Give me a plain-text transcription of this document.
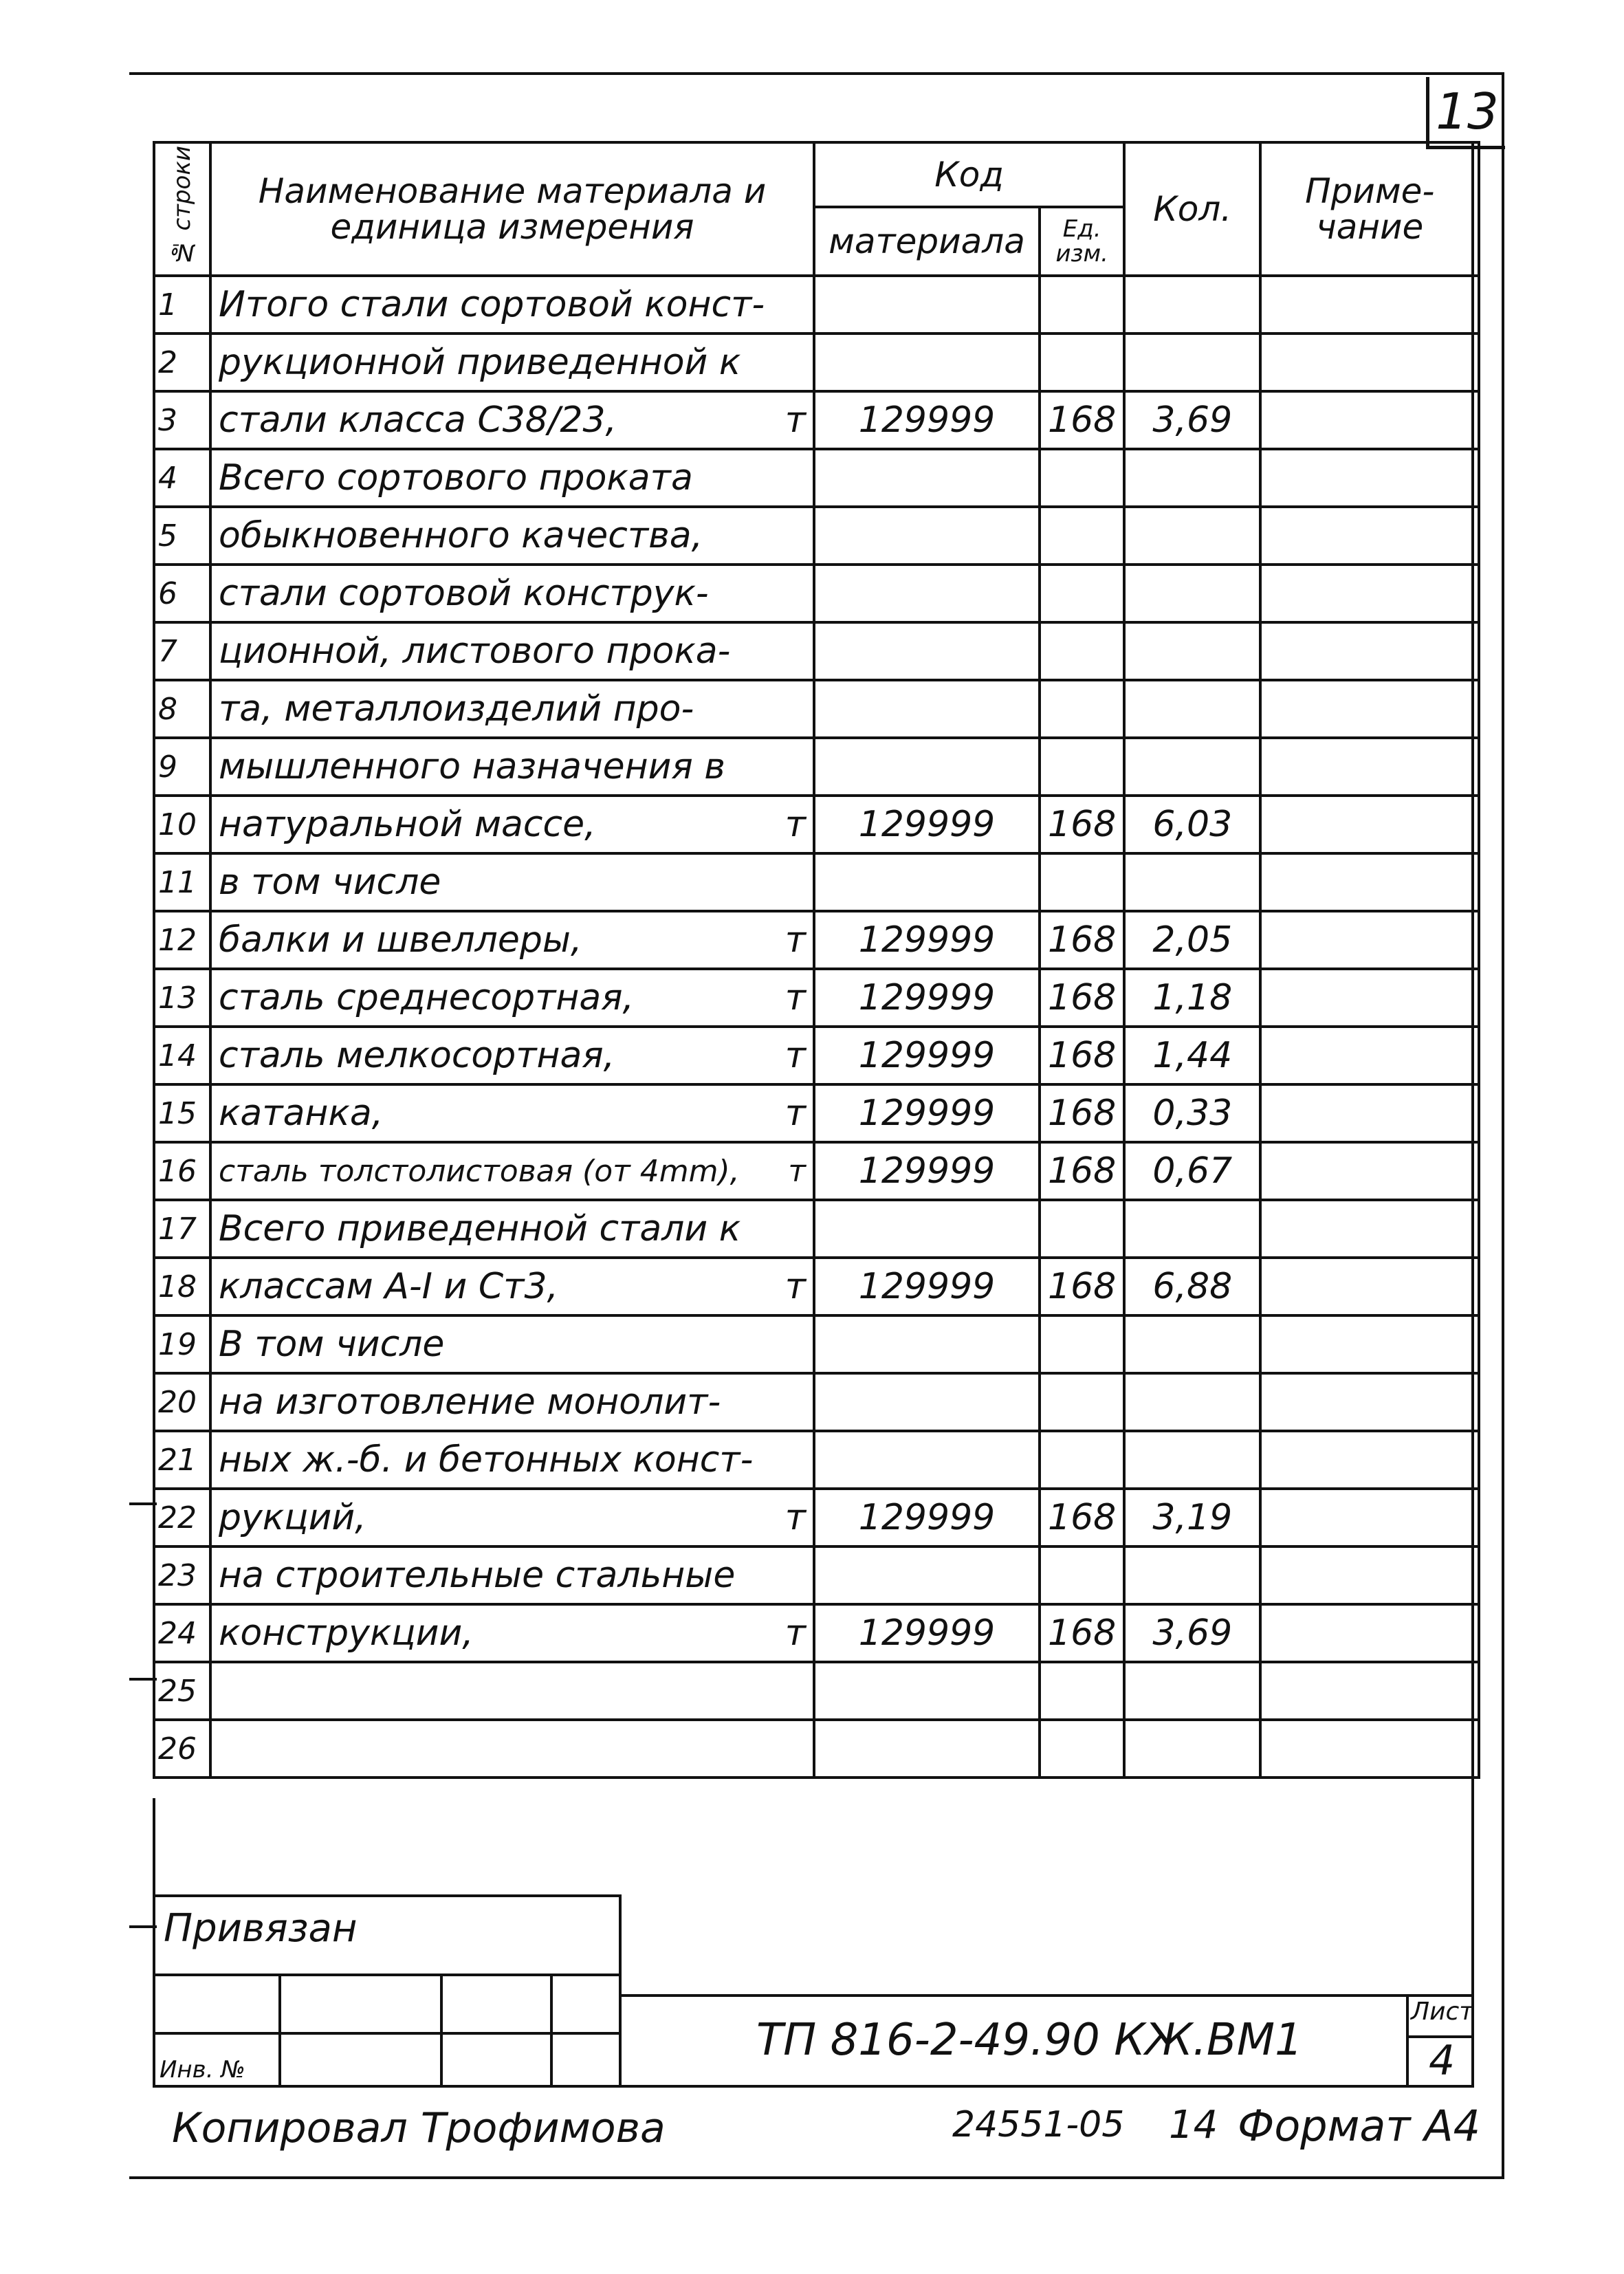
13
№ строки	Наименование материала и единица измерения	Код		Кол.	Приме- чание
		материала	Ед. изм.		
1	Итого стали сортовой конст-				

2	рукционной приведенной к				

3	стали класса С38/23, т	129999	168	3,69	
4	Всего сортового проката				

5	обыкновенного качества,				

6	стали сортовой конструк-				

7	ционной, листового прока-				

8	та, металлоизделий про-				

9	мышленного назначения в				

10	натуральной массе, т	129999	168	6,03	
11	в том числе				

12	балки и швеллеры, т	129999	168	2,05	
13	сталь среднесортная, т	129999	168	1,18	
14	сталь мелкосортная, т	129999	168	1,44	
15	катанка, т	129999	168	0,33	
16	сталь толстолистовая (от 4mm), т	129999	168	0,67	
17	Всего приведенной стали к				

18	классам А-I и Ст3, т	129999	168	6,88	
19	В том числе				

20	на изготовление монолит-				

21	ных ж.-б. и бетонных конст-				

22	рукций, т	129999	168	3,19	
23	на строительные стальные				

24	конструкции, т	129999	168	3,69	
25	

26	

Привязан
Инв. №
ТП 816-2-49.90 КЖ.ВМ1
Лист
4
Копировал Трофимова	24551-05 14 Формат А4
